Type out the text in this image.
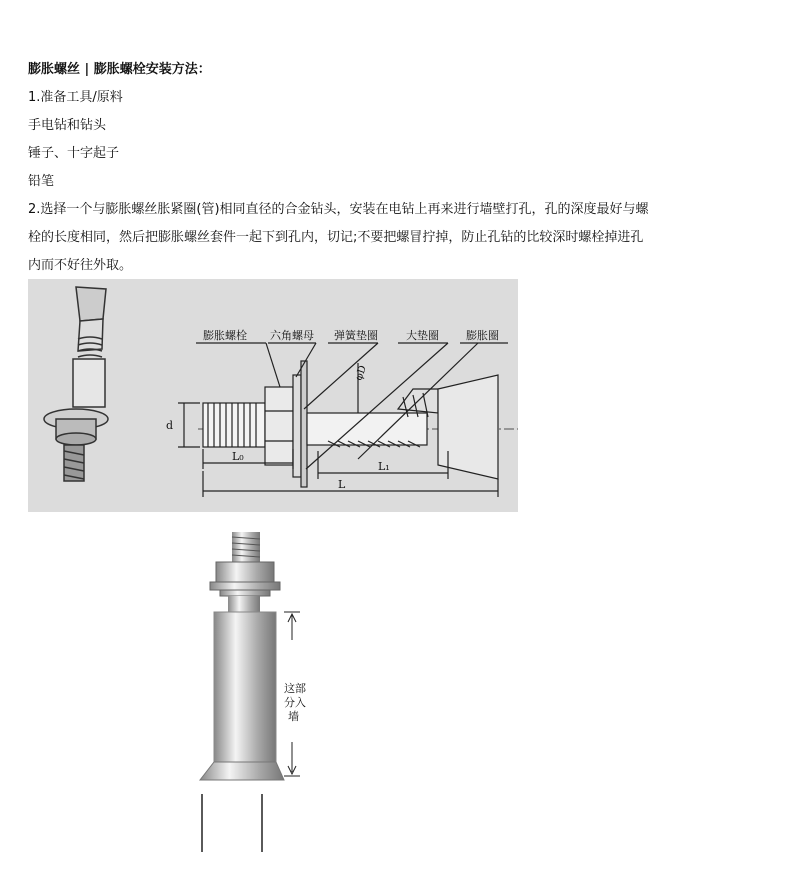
膨胀螺丝 | 膨胀螺栓安装方法：
1.准备工具/原料
手电钻和钻头
锤子、十字起子
铅笔
2.选择一个与膨胀螺丝胀紧圈(管)相同直径的合金钻头，安装在电钻上再来进行墙壁打孔，孔的深度最好与螺
栓的长度相同，然后把膨胀螺丝套件一起下到孔内，切记;不要把螺冒拧掉，防止孔钻的比较深时螺栓掉进孔
内而不好往外取。
膨胀螺栓 六角螺母 弹簧垫圈	大垫圈 膨胀圈
d
φD
L₀
L₁
L
这部
分入
墙
